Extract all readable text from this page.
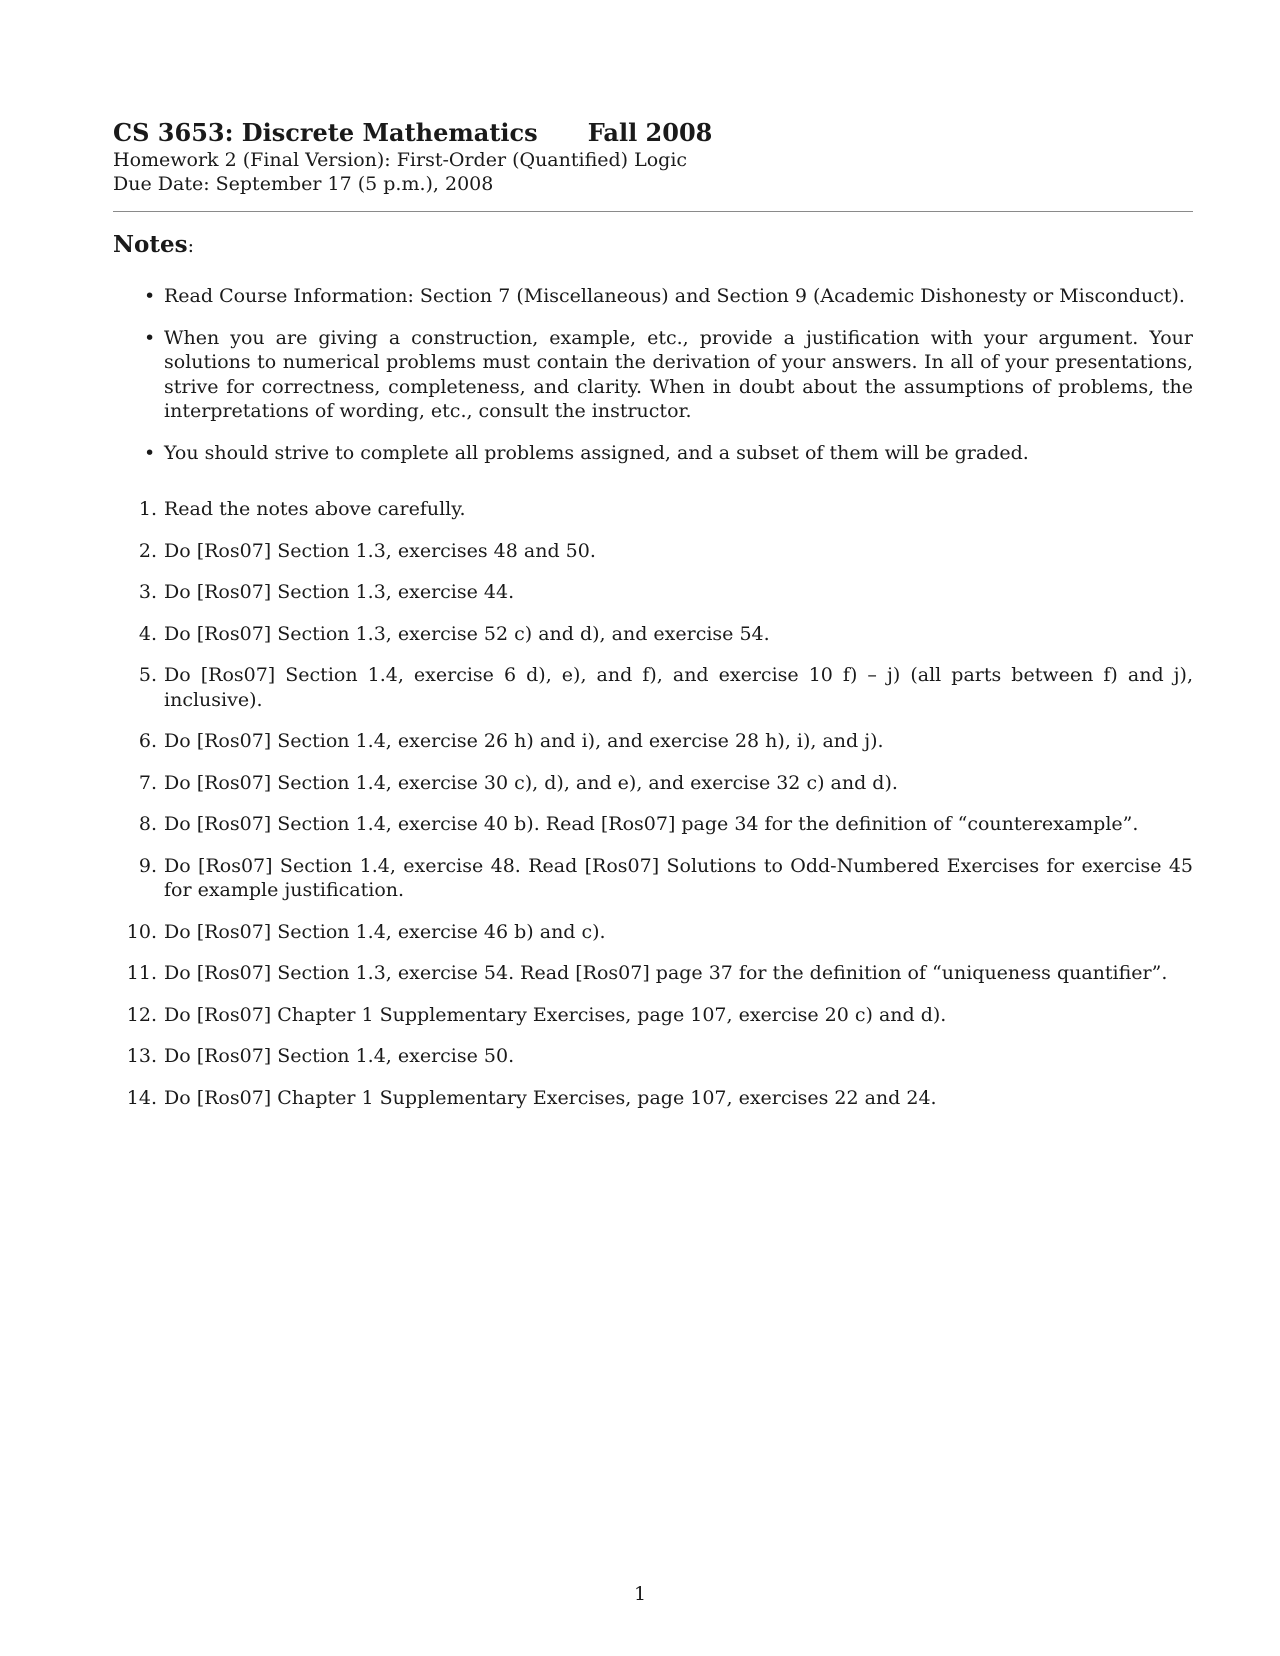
CS 3653: Discrete Mathematics Fall 2008
Homework 2 (Final Version): First-Order (Quantified) Logic
Due Date: September 17 (5 p.m.), 2008
Notes:
• Read Course Information: Section 7 (Miscellaneous) and Section 9 (Academic Dishonesty or Misconduct).
• When you are giving a construction, example, etc., provide a justification with your argument. Your solutions to numerical problems must contain the derivation of your answers. In all of your presentations, strive for correctness, completeness, and clarity. When in doubt about the assumptions of problems, the interpretations of wording, etc., consult the instructor.
• You should strive to complete all problems assigned, and a subset of them will be graded.
1. Read the notes above carefully.
2. Do [Ros07] Section 1.3, exercises 48 and 50.
3. Do [Ros07] Section 1.3, exercise 44.
4. Do [Ros07] Section 1.3, exercise 52 c) and d), and exercise 54.
5. Do [Ros07] Section 1.4, exercise 6 d), e), and f), and exercise 10 f) – j) (all parts between f) and j), inclusive).
6. Do [Ros07] Section 1.4, exercise 26 h) and i), and exercise 28 h), i), and j).
7. Do [Ros07] Section 1.4, exercise 30 c), d), and e), and exercise 32 c) and d).
8. Do [Ros07] Section 1.4, exercise 40 b). Read [Ros07] page 34 for the definition of “counterexample”.
9. Do [Ros07] Section 1.4, exercise 48. Read [Ros07] Solutions to Odd-Numbered Exercises for exercise 45 for example justification.
10. Do [Ros07] Section 1.4, exercise 46 b) and c).
11. Do [Ros07] Section 1.3, exercise 54. Read [Ros07] page 37 for the definition of “uniqueness quantifier”.
12. Do [Ros07] Chapter 1 Supplementary Exercises, page 107, exercise 20 c) and d).
13. Do [Ros07] Section 1.4, exercise 50.
14. Do [Ros07] Chapter 1 Supplementary Exercises, page 107, exercises 22 and 24.
1
